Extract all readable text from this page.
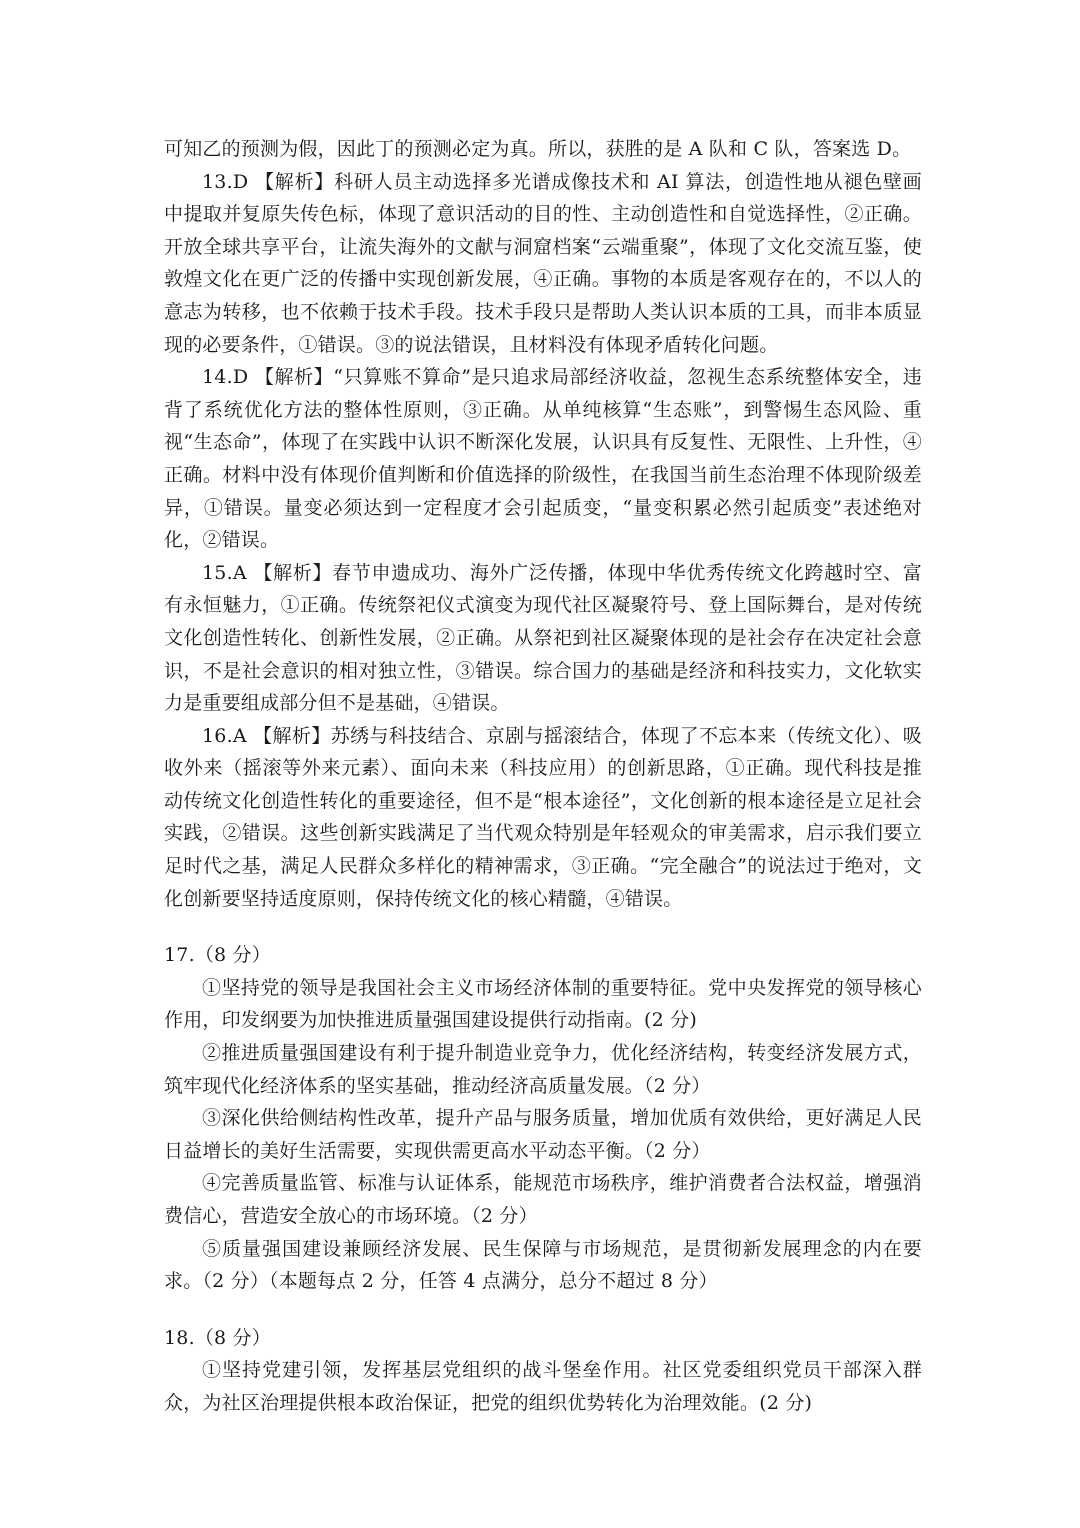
可知乙的预测为假，因此丁的预测必定为真。所以，获胜的是 A 队和 C 队，答案选 D。

13.D 【解析】科研人员主动选择多光谱成像技术和 AI 算法，创造性地从褪色壁画中提取并复原失传色标，体现了意识活动的目的性、主动创造性和自觉选择性，②正确。开放全球共享平台，让流失海外的文献与洞窟档案“云端重聚”，体现了文化交流互鉴，使敦煌文化在更广泛的传播中实现创新发展，④正确。事物的本质是客观存在的，不以人的意志为转移，也不依赖于技术手段。技术手段只是帮助人类认识本质的工具，而非本质显现的必要条件，①错误。③的说法错误，且材料没有体现矛盾转化问题。

14.D 【解析】“只算账不算命”是只追求局部经济收益，忽视生态系统整体安全，违背了系统优化方法的整体性原则，③正确。从单纯核算“生态账”，到警惕生态风险、重视“生态命”，体现了在实践中认识不断深化发展，认识具有反复性、无限性、上升性，④正确。材料中没有体现价值判断和价值选择的阶级性，在我国当前生态治理不体现阶级差异，①错误。量变必须达到一定程度才会引起质变，“量变积累必然引起质变”表述绝对化，②错误。

15.A 【解析】春节申遗成功、海外广泛传播，体现中华优秀传统文化跨越时空、富有永恒魅力，①正确。传统祭祀仪式演变为现代社区凝聚符号、登上国际舞台，是对传统文化创造性转化、创新性发展，②正确。从祭祀到社区凝聚体现的是社会存在决定社会意识，不是社会意识的相对独立性，③错误。综合国力的基础是经济和科技实力，文化软实力是重要组成部分但不是基础，④错误。

16.A 【解析】苏绣与科技结合、京剧与摇滚结合，体现了不忘本来（传统文化）、吸收外来（摇滚等外来元素）、面向未来（科技应用）的创新思路，①正确。现代科技是推动传统文化创造性转化的重要途径，但不是“根本途径”，文化创新的根本途径是立足社会实践，②错误。这些创新实践满足了当代观众特别是年轻观众的审美需求，启示我们要立足时代之基，满足人民群众多样化的精神需求，③正确。“完全融合”的说法过于绝对，文化创新要坚持适度原则，保持传统文化的核心精髓，④错误。

17.（8 分）

①坚持党的领导是我国社会主义市场经济体制的重要特征。党中央发挥党的领导核心作用，印发纲要为加快推进质量强国建设提供行动指南。(2 分)

②推进质量强国建设有利于提升制造业竞争力，优化经济结构，转变经济发展方式，筑牢现代化经济体系的坚实基础，推动经济高质量发展。（2 分）

③深化供给侧结构性改革，提升产品与服务质量，增加优质有效供给，更好满足人民日益增长的美好生活需要，实现供需更高水平动态平衡。（2 分）

④完善质量监管、标准与认证体系，能规范市场秩序，维护消费者合法权益，增强消费信心，营造安全放心的市场环境。（2 分）

⑤质量强国建设兼顾经济发展、民生保障与市场规范，是贯彻新发展理念的内在要求。（2 分）（本题每点 2 分，任答 4 点满分，总分不超过 8 分）

18.（8 分）

①坚持党建引领，发挥基层党组织的战斗堡垒作用。社区党委组织党员干部深入群众，为社区治理提供根本政治保证，把党的组织优势转化为治理效能。(2 分)
